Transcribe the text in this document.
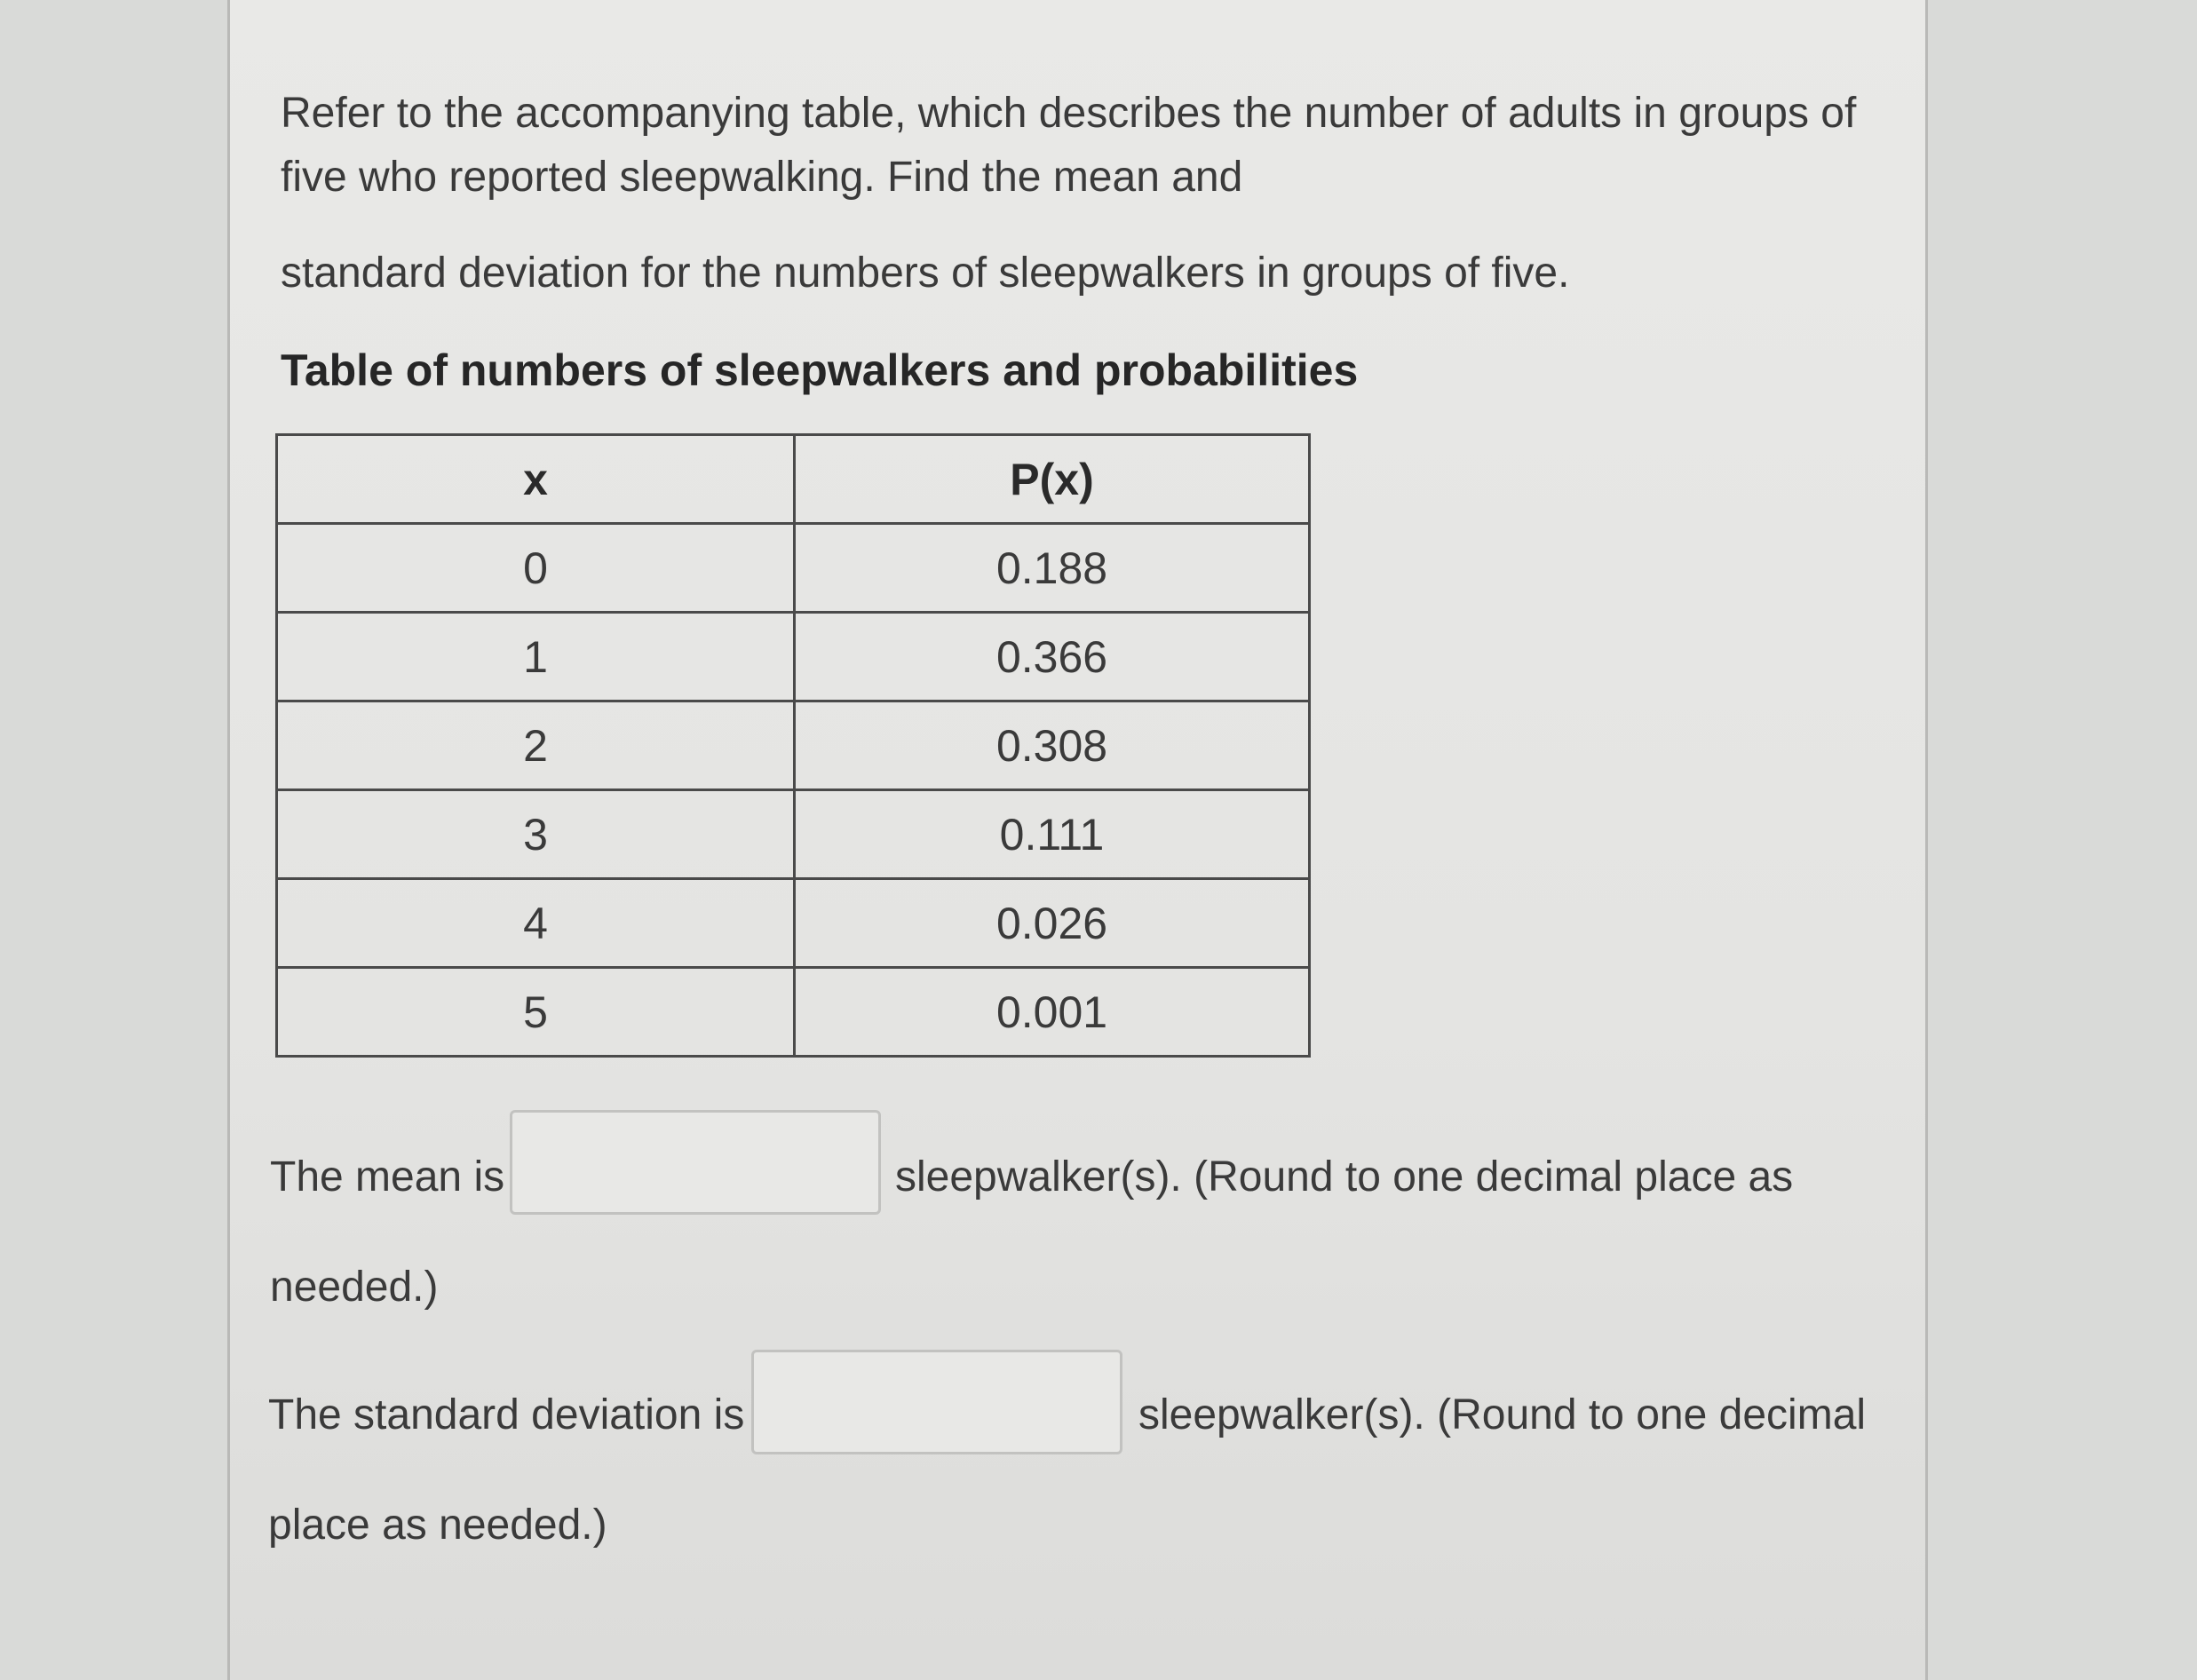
Refer to the accompanying table, which describes the number of adults in groups of
five who reported sleepwalking. Find the mean and
standard deviation for the numbers of sleepwalkers in groups of five.
Table of numbers of sleepwalkers and probabilities
x	P(x)
0	0.188
1	0.366
2	0.308
3	0.111
4	0.026
5	0.001
The mean is	sleepwalker(s). (Round to one decimal place as
needed.)
The standard deviation is	sleepwalker(s). (Round to one decimal
place as needed.)
